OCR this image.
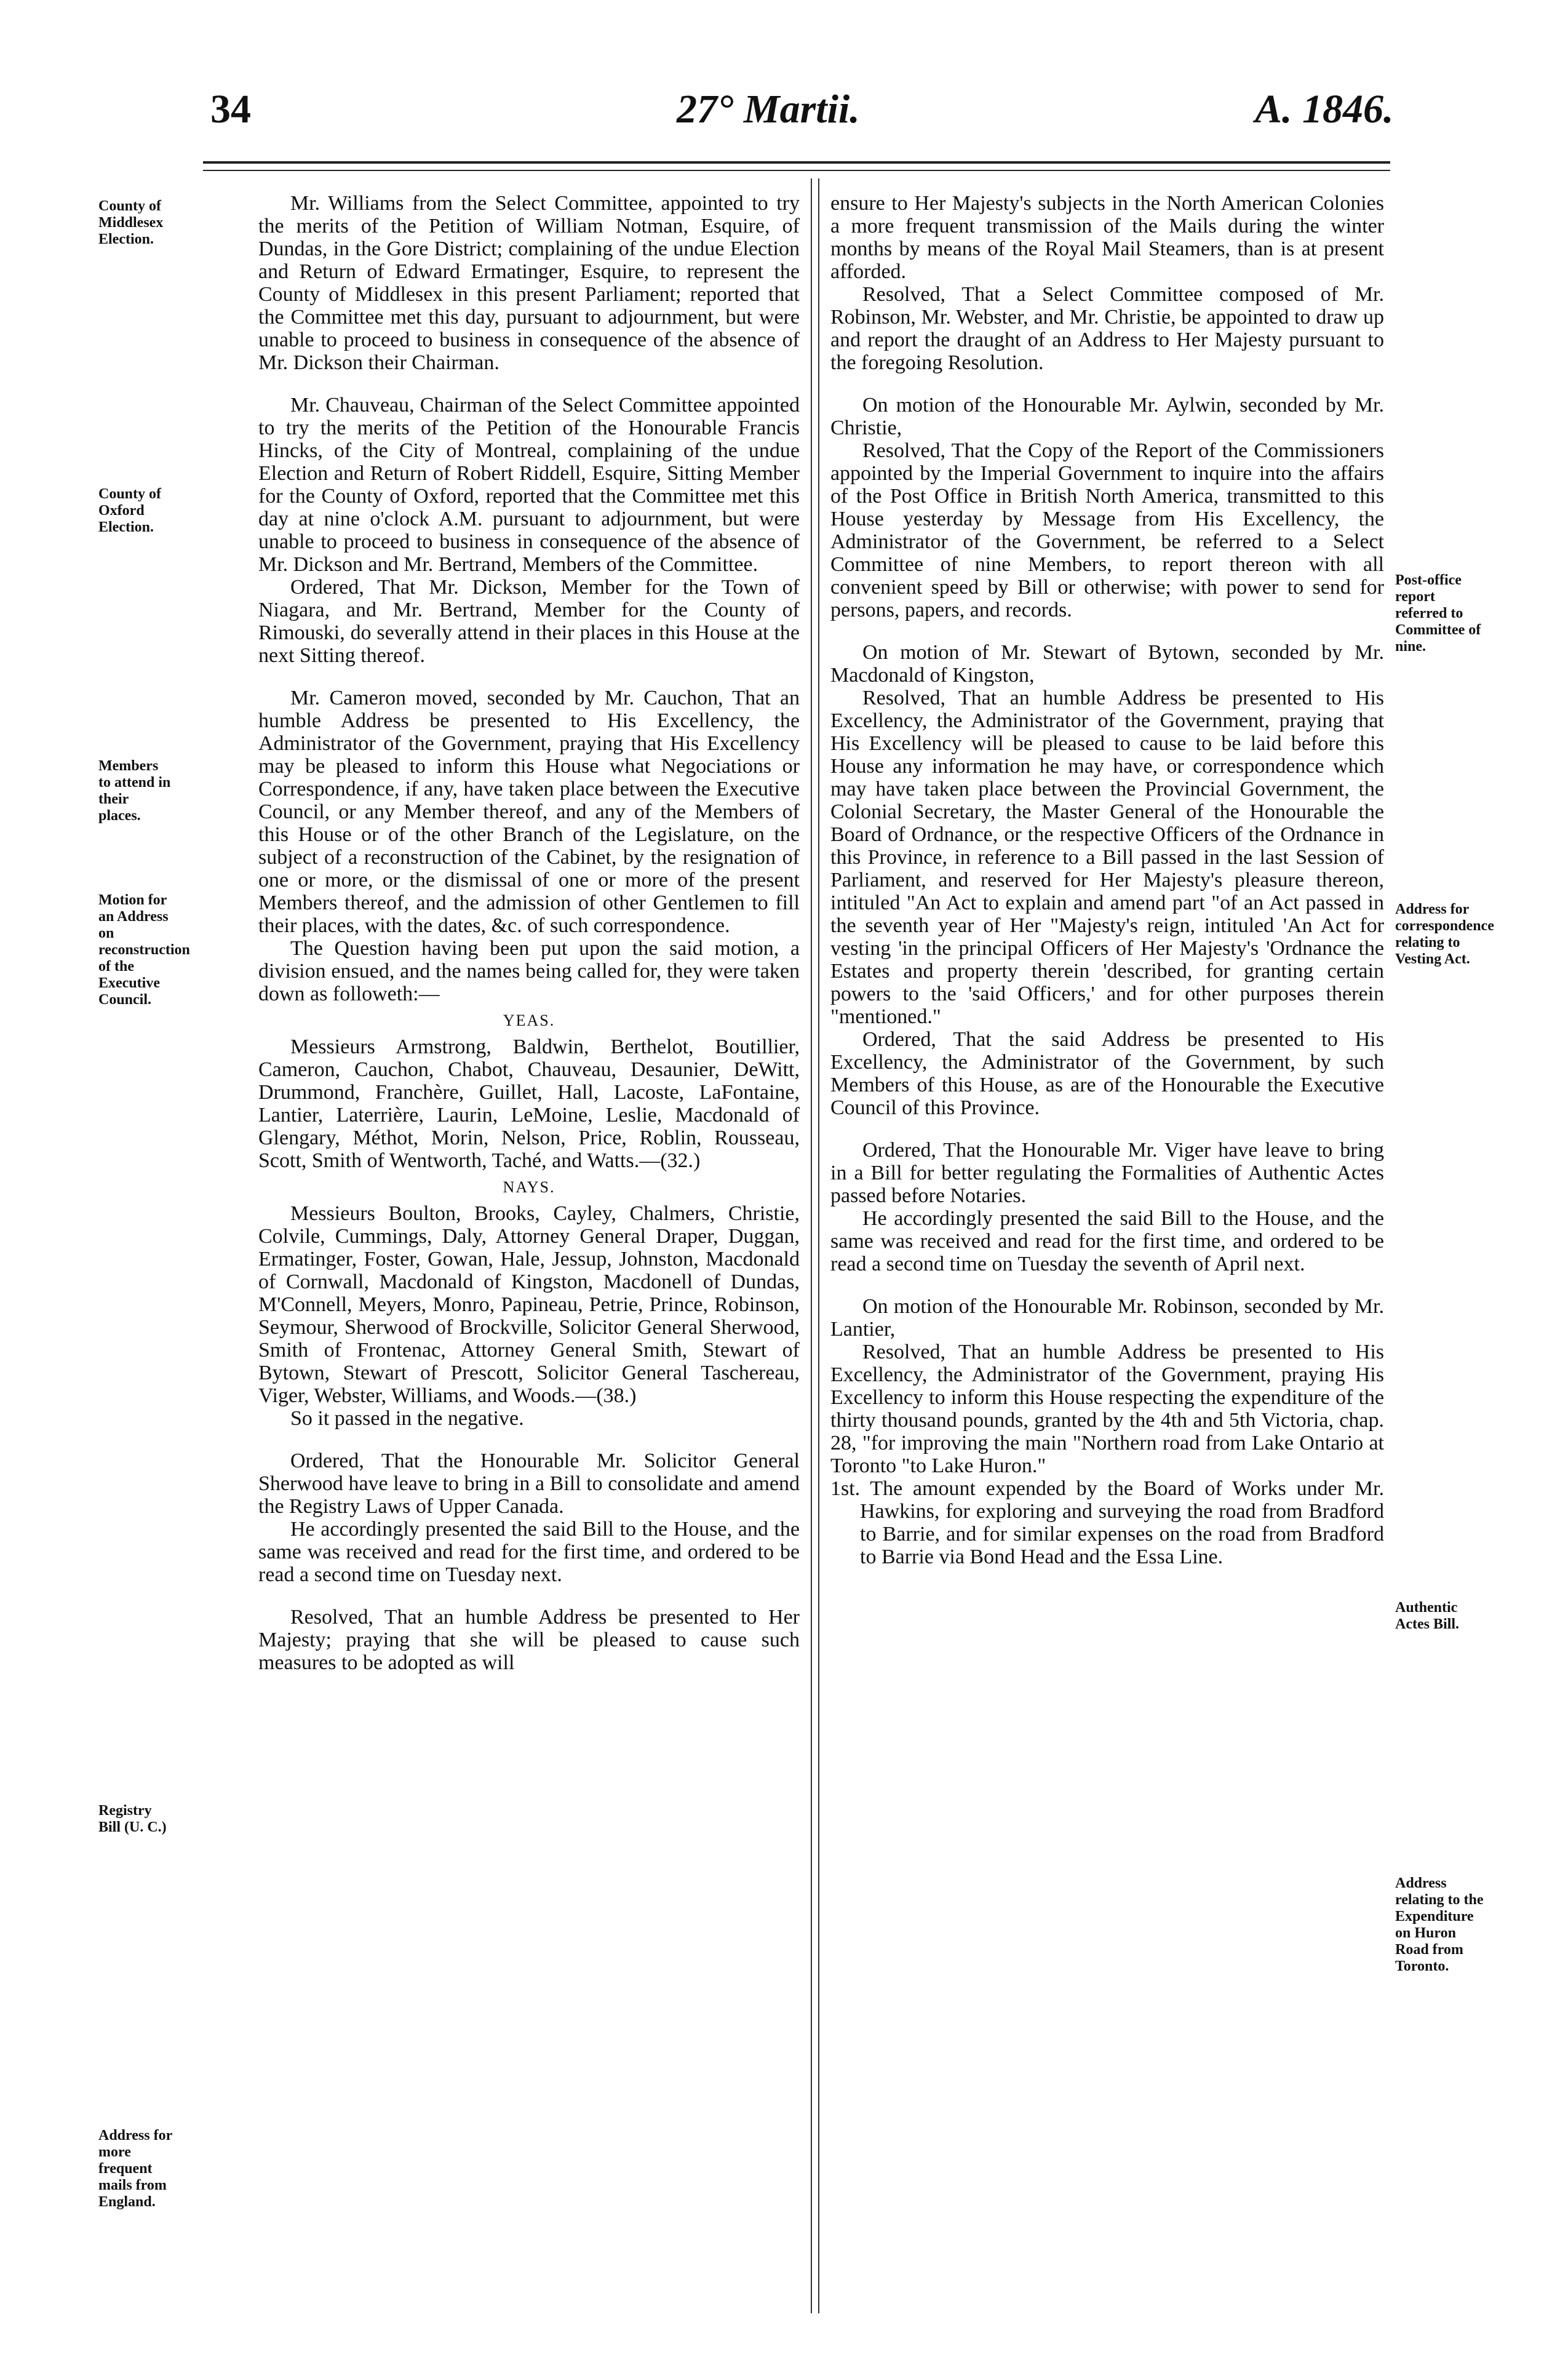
34	27° Martii.	A. 1846.
County of Middlesex Election.
County of Oxford Election.
Members to attend in their places.
Motion for an Address on reconstruction of the Executive Council.
Registry Bill (U. C.)
Address for more frequent mails from England.
Post-office report referred to Committee of nine.
Address for correspondence relating to Vesting Act.
Authentic Actes Bill.
Address relating to the Expenditure on Huron Road from Toronto.

Mr. Williams from the Select Committee, appointed to try the merits of the Petition of William Notman, Esquire, of Dundas, in the Gore District; complaining of the undue Election and Return of Edward Ermatinger, Esquire, to represent the County of Middlesex in this present Parliament; reported that the Committee met this day, pursuant to adjournment, but were unable to proceed to business in consequence of the absence of Mr. Dickson their Chairman.

Mr. Chauveau, Chairman of the Select Committee appointed to try the merits of the Petition of the Honourable Francis Hincks, of the City of Montreal, complaining of the undue Election and Return of Robert Riddell, Esquire, Sitting Member for the County of Oxford, reported that the Committee met this day at nine o'clock A.M. pursuant to adjournment, but were unable to proceed to business in consequence of the absence of Mr. Dickson and Mr. Bertrand, Members of the Committee.

Ordered, That Mr. Dickson, Member for the Town of Niagara, and Mr. Bertrand, Member for the County of Rimouski, do severally attend in their places in this House at the next Sitting thereof.

Mr. Cameron moved, seconded by Mr. Cauchon, That an humble Address be presented to His Excellency, the Administrator of the Government, praying that His Excellency may be pleased to inform this House what Negociations or Correspondence, if any, have taken place between the Executive Council, or any Member thereof, and any of the Members of this House or of the other Branch of the Legislature, on the subject of a reconstruction of the Cabinet, by the resignation of one or more, or the dismissal of one or more of the present Members thereof, and the admission of other Gentlemen to fill their places, with the dates, &c. of such correspondence.

The Question having been put upon the said motion, a division ensued, and the names being called for, they were taken down as followeth:—

YEAS.

Messieurs Armstrong, Baldwin, Berthelot, Boutillier, Cameron, Cauchon, Chabot, Chauveau, Desaunier, DeWitt, Drummond, Franchère, Guillet, Hall, Lacoste, LaFontaine, Lantier, Laterrière, Laurin, LeMoine, Leslie, Macdonald of Glengary, Méthot, Morin, Nelson, Price, Roblin, Rousseau, Scott, Smith of Wentworth, Taché, and Watts.—(32.)

NAYS.

Messieurs Boulton, Brooks, Cayley, Chalmers, Christie, Colvile, Cummings, Daly, Attorney General Draper, Duggan, Ermatinger, Foster, Gowan, Hale, Jessup, Johnston, Macdonald of Cornwall, Macdonald of Kingston, Macdonell of Dundas, M'Connell, Meyers, Monro, Papineau, Petrie, Prince, Robinson, Seymour, Sherwood of Brockville, Solicitor General Sherwood, Smith of Frontenac, Attorney General Smith, Stewart of Bytown, Stewart of Prescott, Solicitor General Taschereau, Viger, Webster, Williams, and Woods.—(38.)

So it passed in the negative.

Ordered, That the Honourable Mr. Solicitor General Sherwood have leave to bring in a Bill to consolidate and amend the Registry Laws of Upper Canada.

He accordingly presented the said Bill to the House, and the same was received and read for the first time, and ordered to be read a second time on Tuesday next.

Resolved, That an humble Address be presented to Her Majesty; praying that she will be pleased to cause such measures to be adopted as will

ensure to Her Majesty's subjects in the North American Colonies a more frequent transmission of the Mails during the winter months by means of the Royal Mail Steamers, than is at present afforded.

Resolved, That a Select Committee composed of Mr. Robinson, Mr. Webster, and Mr. Christie, be appointed to draw up and report the draught of an Address to Her Majesty pursuant to the foregoing Resolution.

On motion of the Honourable Mr. Aylwin, seconded by Mr. Christie,

Resolved, That the Copy of the Report of the Commissioners appointed by the Imperial Government to inquire into the affairs of the Post Office in British North America, transmitted to this House yesterday by Message from His Excellency, the Administrator of the Government, be referred to a Select Committee of nine Members, to report thereon with all convenient speed by Bill or otherwise; with power to send for persons, papers, and records.

On motion of Mr. Stewart of Bytown, seconded by Mr. Macdonald of Kingston,

Resolved, That an humble Address be presented to His Excellency, the Administrator of the Government, praying that His Excellency will be pleased to cause to be laid before this House any information he may have, or correspondence which may have taken place between the Provincial Government, the Colonial Secretary, the Master General of the Honourable the Board of Ordnance, or the respective Officers of the Ordnance in this Province, in reference to a Bill passed in the last Session of Parliament, and reserved for Her Majesty's pleasure thereon, intituled "An Act to explain and amend part "of an Act passed in the seventh year of Her "Majesty's reign, intituled 'An Act for vesting 'in the principal Officers of Her Majesty's 'Ordnance the Estates and property therein 'described, for granting certain powers to the 'said Officers,' and for other purposes therein "mentioned."

Ordered, That the said Address be presented to His Excellency, the Administrator of the Government, by such Members of this House, as are of the Honourable the Executive Council of this Province.

Ordered, That the Honourable Mr. Viger have leave to bring in a Bill for better regulating the Formalities of Authentic Actes passed before Notaries.

He accordingly presented the said Bill to the House, and the same was received and read for the first time, and ordered to be read a second time on Tuesday the seventh of April next.

On motion of the Honourable Mr. Robinson, seconded by Mr. Lantier,

Resolved, That an humble Address be presented to His Excellency, the Administrator of the Government, praying His Excellency to inform this House respecting the expenditure of the thirty thousand pounds, granted by the 4th and 5th Victoria, chap. 28, "for improving the main "Northern road from Lake Ontario at Toronto "to Lake Huron."

1st. The amount expended by the Board of Works under Mr. Hawkins, for exploring and surveying the road from Bradford to Barrie, and for similar expenses on the road from Bradford to Barrie via Bond Head and the Essa Line.
